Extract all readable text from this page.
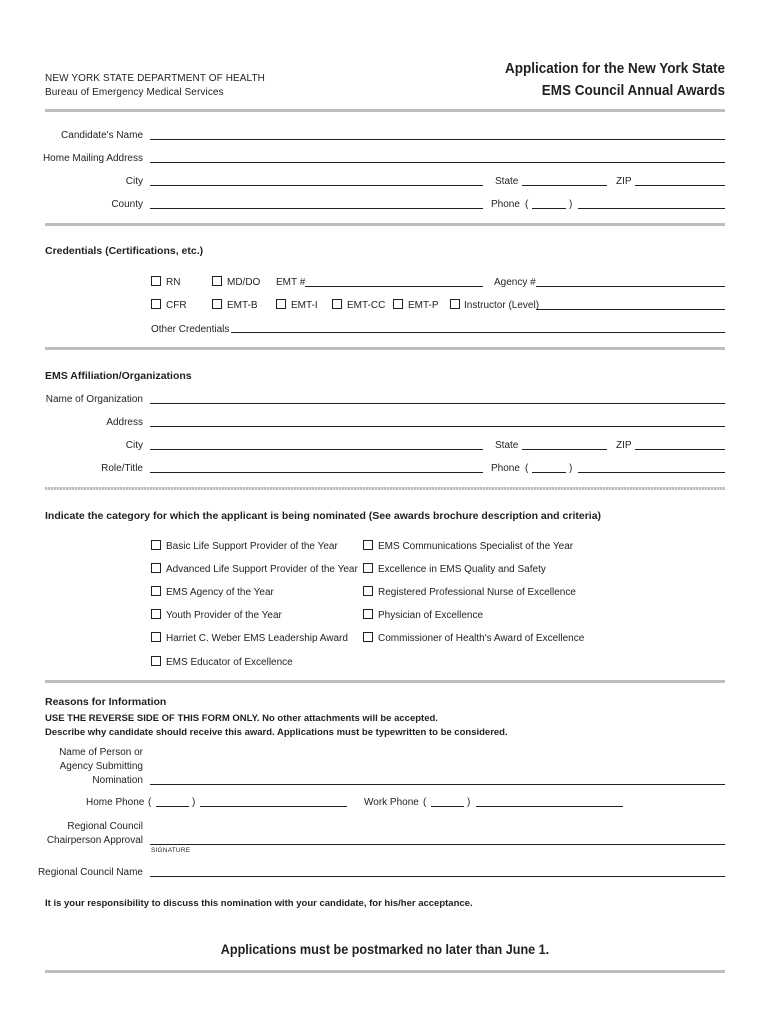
NEW YORK STATE DEPARTMENT OF HEALTH
Bureau of Emergency Medical Services
Application for the New York State
EMS Council Annual Awards
Candidate's Name
Home Mailing Address
City	State	ZIP
County	Phone (	)
Credentials (Certifications, etc.)
RN	MD/DO EMT #	Agency #
CFR	EMT-B	EMT-I	EMT-CC EMT-P	Instructor (Level)
Other Credentials
EMS Affiliation/Organizations
Name of Organization
Address
City	State	ZIP
Role/Title	Phone (	)
Indicate the category for which the applicant is being nominated (See awards brochure description and criteria)
Basic Life Support Provider of the Year
Advanced Life Support Provider of the Year
EMS Agency of the Year
Youth Provider of the Year
Harriet C. Weber EMS Leadership Award
EMS Educator of Excellence
EMS Communications Specialist of the Year
Excellence in EMS Quality and Safety
Registered Professional Nurse of Excellence
Physician of Excellence
Commissioner of Health's Award of Excellence
Reasons for Information
USE THE REVERSE SIDE OF THIS FORM ONLY. No other attachments will be accepted.
Describe why candidate should receive this award. Applications must be typewritten to be considered.
Name of Person or
Agency Submitting
Nomination
Home Phone (	)	Work Phone (	)
Regional Council
Chairperson Approval
SIGNATURE
Regional Council Name
It is your responsibility to discuss this nomination with your candidate, for his/her acceptance.
Applications must be postmarked no later than June 1.
